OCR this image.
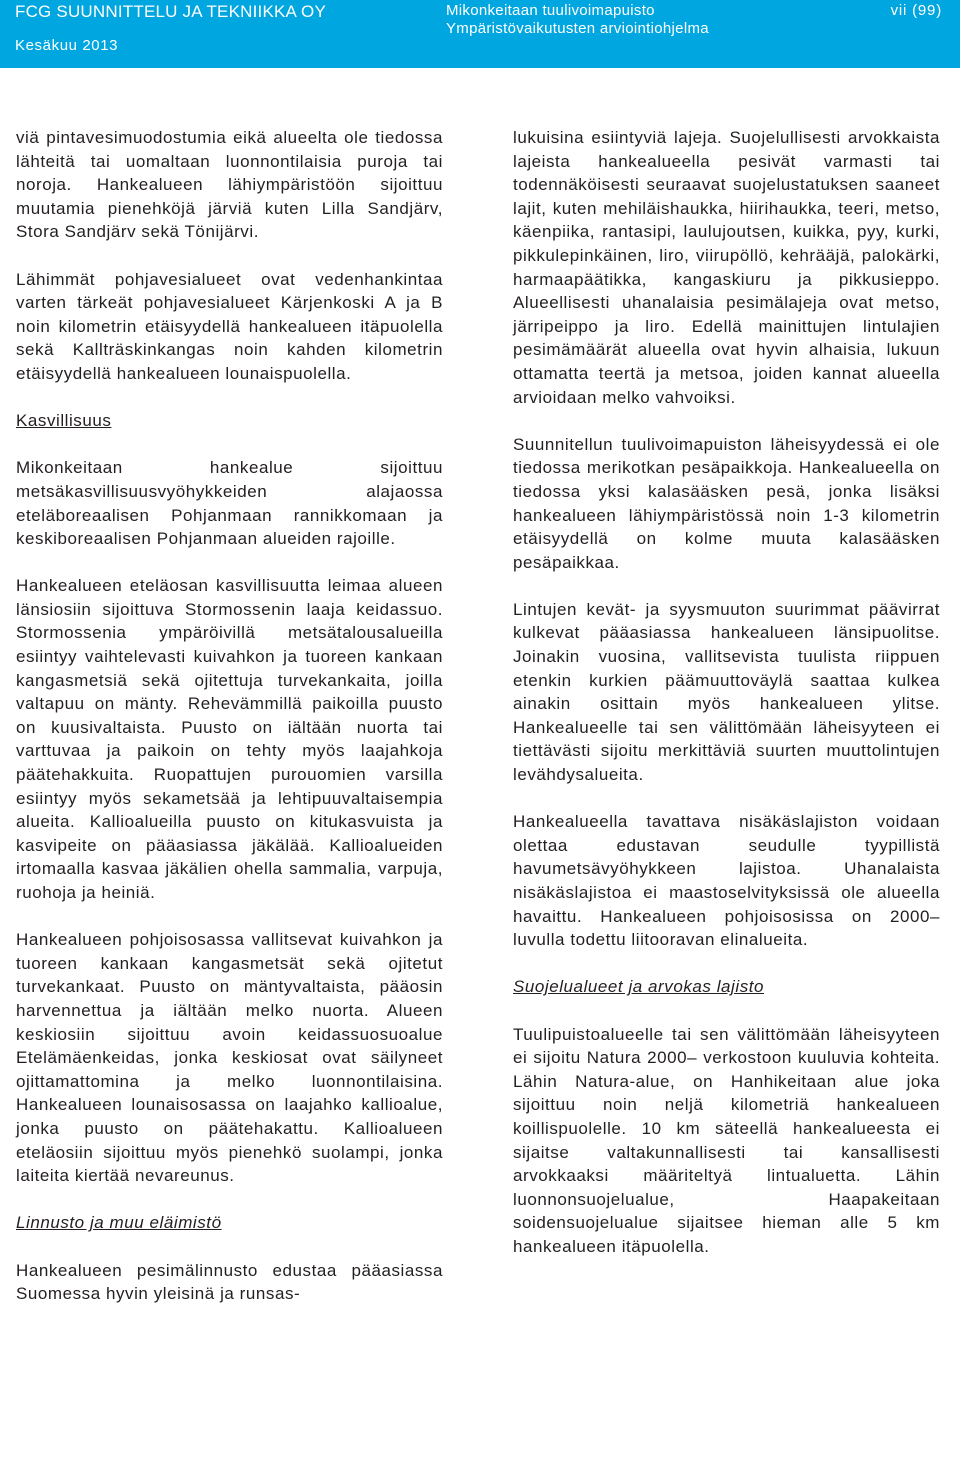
FCG SUUNNITTELU JA TEKNIIKKA OY
Kesäkuu 2013
Mikonkeitaan tuulivoimapuisto
Ympäristövaikutusten arviointiohjelma
vii (99)

viä pintavesimuodostumia eikä alueelta ole tiedossa lähteitä tai uomaltaan luonnontilaisia puroja tai noroja. Hankealueen lähiympäristöön sijoittuu muutamia pienehköjä järviä kuten Lilla Sandjärv, Stora Sandjärv sekä Tönijärvi.

Lähimmät pohjavesialueet ovat vedenhankintaa varten tärkeät pohjavesialueet Kärjenkoski A ja B noin kilometrin etäisyydellä hankealueen itäpuolella sekä Kallträskinkangas noin kahden kilometrin etäisyydellä hankealueen lounaispuolella.

Kasvillisuus

Mikonkeitaan hankealue sijoittuu metsäkasvillisuusvyöhykkeiden alajaossa eteläboreaalisen Pohjanmaan rannikkomaan ja keskiboreaalisen Pohjanmaan alueiden rajoille.

Hankealueen eteläosan kasvillisuutta leimaa alueen länsiosiin sijoittuva Stormossenin laaja keidassuo. Stormossenia ympäröivillä metsätalousalueilla esiintyy vaihtelevasti kuivahkon ja tuoreen kankaan kangasmetsiä sekä ojitettuja turvekankaita, joilla valtapuu on mänty. Rehevämmillä paikoilla puusto on kuusivaltaista. Puusto on iältään nuorta tai varttuvaa ja paikoin on tehty myös laajahkoja päätehakkuita. Ruopattujen purouomien varsilla esiintyy myös sekametsää ja lehtipuuvaltaisempia alueita. Kallioalueilla puusto on kitukasvuista ja kasvipeite on pääasiassa jäkälää. Kallioalueiden irtomaalla kasvaa jäkälien ohella sammalia, varpuja, ruohoja ja heiniä.

Hankealueen pohjoisosassa vallitsevat kuivahkon ja tuoreen kankaan kangasmetsät sekä ojitetut turvekankaat. Puusto on mäntyvaltaista, pääosin harvennettua ja iältään melko nuorta. Alueen keskiosiin sijoittuu avoin keidassuosuoalue Etelämäenkeidas, jonka keskiosat ovat säilyneet ojittamattomina ja melko luonnontilaisina. Hankealueen lounaisosassa on laajahko kallioalue, jonka puusto on päätehakattu. Kallioalueen eteläosiin sijoittuu myös pienehkö suolampi, jonka laiteita kiertää nevareunus.

Linnusto ja muu eläimistö

Hankealueen pesimälinnusto edustaa pääasiassa Suomessa hyvin yleisinä ja runsas-

lukuisina esiintyviä lajeja. Suojelullisesti arvokkaista lajeista hankealueella pesivät varmasti tai todennäköisesti seuraavat suojelustatuksen saaneet lajit, kuten mehiläishaukka, hiirihaukka, teeri, metso, käenpiika, rantasipi, laulujoutsen, kuikka, pyy, kurki, pikkulepinkäinen, liro, viirupöllö, kehrääjä, palokärki, harmaapäätikka, kangaskiuru ja pikkusieppo. Alueellisesti uhanalaisia pesimälajeja ovat metso, järripeippo ja liro. Edellä mainittujen lintulajien pesimämäärät alueella ovat hyvin alhaisia, lukuun ottamatta teertä ja metsoa, joiden kannat alueella arvioidaan melko vahvoiksi.

Suunnitellun tuulivoimapuiston läheisyydessä ei ole tiedossa merikotkan pesäpaikkoja. Hankealueella on tiedossa yksi kalasääsken pesä, jonka lisäksi hankealueen lähiympäristössä noin 1-3 kilometrin etäisyydellä on kolme muuta kalasääsken pesäpaikkaa.

Lintujen kevät- ja syysmuuton suurimmat päävirrat kulkevat pääasiassa hankealueen länsipuolitse. Joinakin vuosina, vallitsevista tuulista riippuen etenkin kurkien päämuuttoväylä saattaa kulkea ainakin osittain myös hankealueen ylitse. Hankealueelle tai sen välittömään läheisyyteen ei tiettävästi sijoitu merkittäviä suurten muuttolintujen levähdysalueita.

Hankealueella tavattava nisäkäslajiston voidaan olettaa edustavan seudulle tyypillistä havumetsävyöhykkeen lajistoa. Uhanalaista nisäkäslajistoa ei maastoselvityksissä ole alueella havaittu. Hankealueen pohjoisosissa on 2000–luvulla todettu liitooravan elinalueita.

Suojelualueet ja arvokas lajisto

Tuulipuistoalueelle tai sen välittömään läheisyyteen ei sijoitu Natura 2000– verkostoon kuuluvia kohteita. Lähin Natura-alue, on Hanhikeitaan alue joka sijoittuu noin neljä kilometriä hankealueen koillispuolelle. 10 km säteellä hankealueesta ei sijaitse valtakunnallisesti tai kansallisesti arvokkaaksi määriteltyä lintualuetta. Lähin luonnonsuojelualue, Haapakeitaan soidensuojelualue sijaitsee hieman alle 5 km hankealueen itäpuolella.
